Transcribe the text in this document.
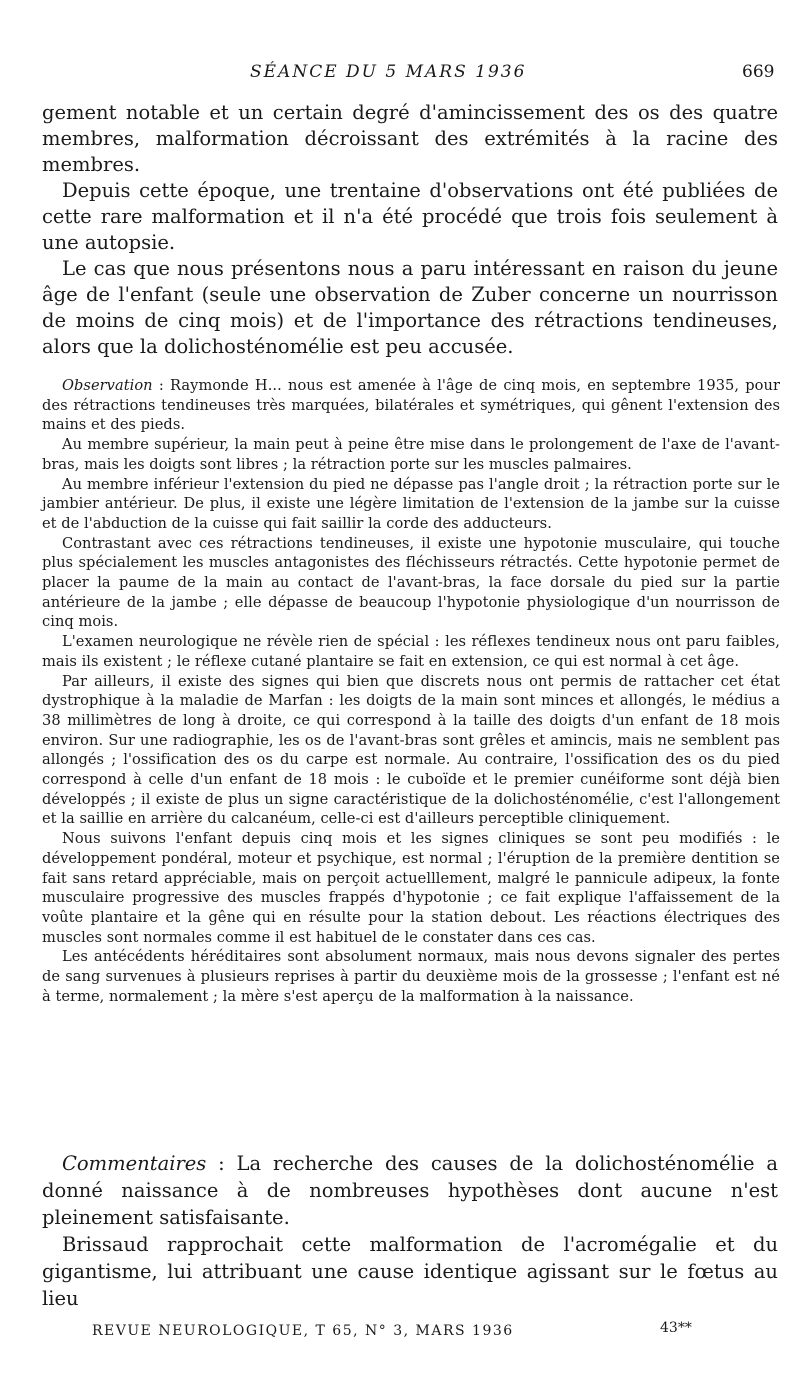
SÉANCE DU 5 MARS 1936	669

gement notable et un certain degré d'amincissement des os des quatre membres, malformation décroissant des extrémités à la racine des membres.

Depuis cette époque, une trentaine d'observations ont été publiées de cette rare malformation et il n'a été procédé que trois fois seulement à une autopsie.

Le cas que nous présentons nous a paru intéressant en raison du jeune âge de l'enfant (seule une observation de Zuber concerne un nourrisson de moins de cinq mois) et de l'importance des rétractions tendineuses, alors que la dolichosténomélie est peu accusée.

Observation : Raymonde H... nous est amenée à l'âge de cinq mois, en septembre 1935, pour des rétractions tendineuses très marquées, bilatérales et symétriques, qui gênent l'extension des mains et des pieds.

Au membre supérieur, la main peut à peine être mise dans le prolongement de l'axe de l'avant-bras, mais les doigts sont libres ; la rétraction porte sur les muscles palmaires.

Au membre inférieur l'extension du pied ne dépasse pas l'angle droit ; la rétraction porte sur le jambier antérieur. De plus, il existe une légère limitation de l'extension de la jambe sur la cuisse et de l'abduction de la cuisse qui fait saillir la corde des adducteurs.

Contrastant avec ces rétractions tendineuses, il existe une hypotonie musculaire, qui touche plus spécialement les muscles antagonistes des fléchisseurs rétractés. Cette hypotonie permet de placer la paume de la main au contact de l'avant-bras, la face dorsale du pied sur la partie antérieure de la jambe ; elle dépasse de beaucoup l'hypotonie physiologique d'un nourrisson de cinq mois.

L'examen neurologique ne révèle rien de spécial : les réflexes tendineux nous ont paru faibles, mais ils existent ; le réflexe cutané plantaire se fait en extension, ce qui est normal à cet âge.

Par ailleurs, il existe des signes qui bien que discrets nous ont permis de rattacher cet état dystrophique à la maladie de Marfan : les doigts de la main sont minces et allongés, le médius a 38 millimètres de long à droite, ce qui correspond à la taille des doigts d'un enfant de 18 mois environ. Sur une radiographie, les os de l'avant-bras sont grêles et amincis, mais ne semblent pas allongés ; l'ossification des os du carpe est normale. Au contraire, l'ossification des os du pied correspond à celle d'un enfant de 18 mois : le cuboïde et le premier cunéiforme sont déjà bien développés ; il existe de plus un signe caractéristique de la dolichosténomélie, c'est l'allongement et la saillie en arrière du calcanéum, celle-ci est d'ailleurs perceptible cliniquement.

Nous suivons l'enfant depuis cinq mois et les signes cliniques se sont peu modifiés : le développement pondéral, moteur et psychique, est normal ; l'éruption de la première dentition se fait sans retard appréciable, mais on perçoit actuelllement, malgré le pannicule adipeux, la fonte musculaire progressive des muscles frappés d'hypotonie ; ce fait explique l'affaissement de la voûte plantaire et la gêne qui en résulte pour la station debout. Les réactions électriques des muscles sont normales comme il est habituel de le constater dans ces cas.

Les antécédents héréditaires sont absolument normaux, mais nous devons signaler des pertes de sang survenues à plusieurs reprises à partir du deuxième mois de la grossesse ; l'enfant est né à terme, normalement ; la mère s'est aperçu de la malformation à la naissance.

Commentaires : La recherche des causes de la dolichosténomélie a donné naissance à de nombreuses hypothèses dont aucune n'est pleinement satisfaisante.

Brissaud rapprochait cette malformation de l'acromégalie et du gigantisme, lui attribuant une cause identique agissant sur le fœtus au lieu

REVUE NEUROLOGIQUE, T 65, N° 3, MARS 1936	43**
